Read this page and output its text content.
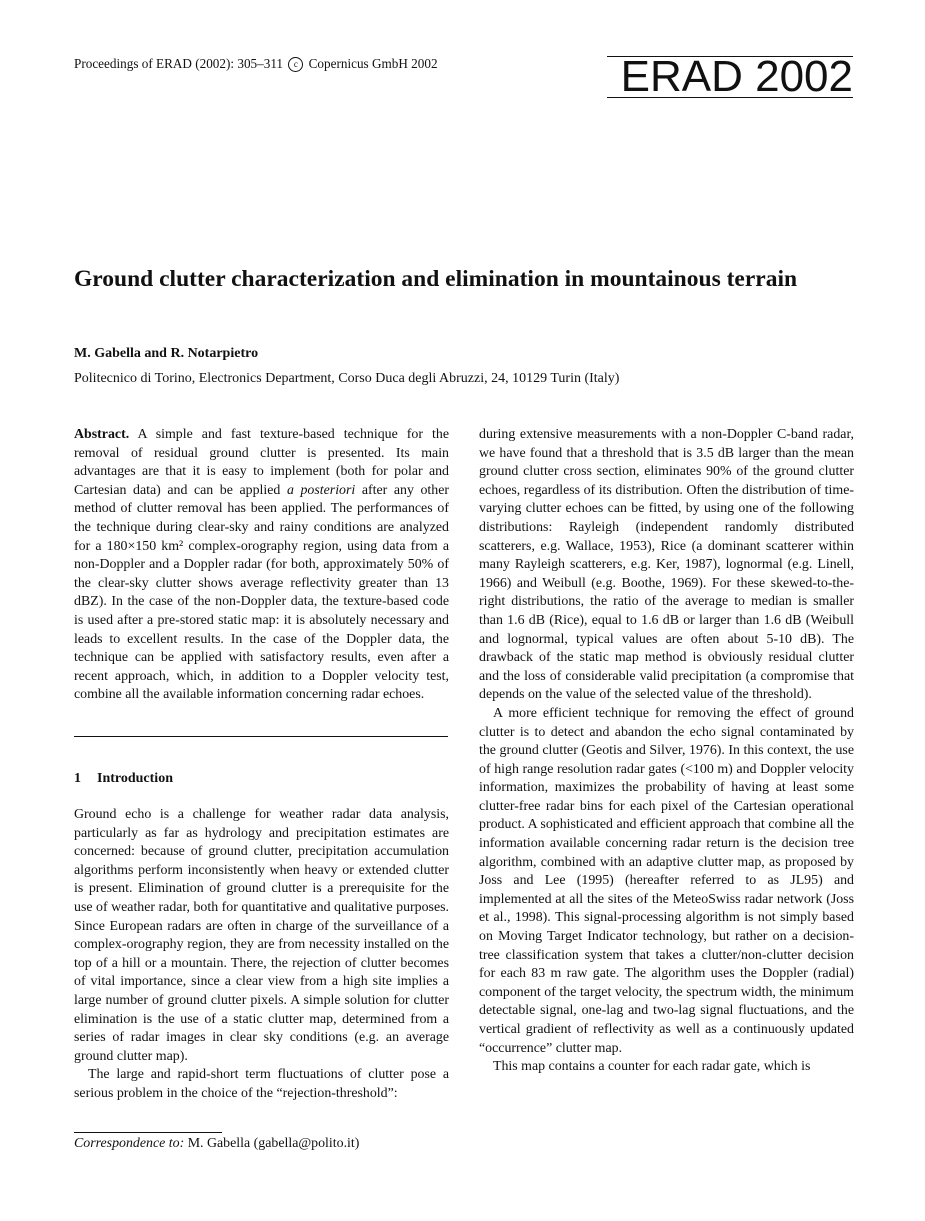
Proceedings of ERAD (2002): 305–311 c Copernicus GmbH 2002	ERAD 2002
Ground clutter characterization and elimination in mountainous terrain
M. Gabella and R. Notarpietro
Politecnico di Torino, Electronics Department, Corso Duca degli Abruzzi, 24, 10129 Turin (Italy)

Abstract. A simple and fast texture-based technique for the removal of residual ground clutter is presented. Its main advantages are that it is easy to implement (both for polar and Cartesian data) and can be applied a posteriori after any other method of clutter removal has been applied. The performances of the technique during clear-sky and rainy conditions are analyzed for a 180×150 km² complex-orography region, using data from a non-Doppler and a Doppler radar (for both, approximately 50% of the clear-sky clutter shows average reflectivity greater than 13 dBZ). In the case of the non-Doppler data, the texture-based code is used after a pre-stored static map: it is absolutely necessary and leads to excellent results. In the case of the Doppler data, the technique can be applied with satisfactory results, even after a recent approach, which, in addition to a Doppler velocity test, combine all the available information concerning radar echoes.

1 Introduction

Ground echo is a challenge for weather radar data analysis, particularly as far as hydrology and precipitation estimates are concerned: because of ground clutter, precipitation accumulation algorithms perform inconsistently when heavy or extended clutter is present. Elimination of ground clutter is a prerequisite for the use of weather radar, both for quantitative and qualitative purposes. Since European radars are often in charge of the surveillance of a complex-orography region, they are from necessity installed on the top of a hill or a mountain. There, the rejection of clutter becomes of vital importance, since a clear view from a high site implies a large number of ground clutter pixels. A simple solution for clutter elimination is the use of a static clutter map, determined from a series of radar images in clear sky conditions (e.g. an average ground clutter map).

The large and rapid-short term fluctuations of clutter pose a serious problem in the choice of the “rejection-threshold”:

Correspondence to: M. Gabella (gabella@polito.it)

during extensive measurements with a non-Doppler C-band radar, we have found that a threshold that is 3.5 dB larger than the mean ground clutter cross section, eliminates 90% of the ground clutter echoes, regardless of its distribution. Often the distribution of time-varying clutter echoes can be fitted, by using one of the following distributions: Rayleigh (independent randomly distributed scatterers, e.g. Wallace, 1953), Rice (a dominant scatterer within many Rayleigh scatterers, e.g. Ker, 1987), lognormal (e.g. Linell, 1966) and Weibull (e.g. Boothe, 1969). For these skewed-to-the-right distributions, the ratio of the average to median is smaller than 1.6 dB (Rice), equal to 1.6 dB or larger than 1.6 dB (Weibull and lognormal, typical values are often about 5-10 dB). The drawback of the static map method is obviously residual clutter and the loss of considerable valid precipitation (a compromise that depends on the value of the selected value of the threshold).

A more efficient technique for removing the effect of ground clutter is to detect and abandon the echo signal contaminated by the ground clutter (Geotis and Silver, 1976). In this context, the use of high range resolution radar gates (<100 m) and Doppler velocity information, maximizes the probability of having at least some clutter-free radar bins for each pixel of the Cartesian operational product. A sophisticated and efficient approach that combine all the information available concerning radar return is the decision tree algorithm, combined with an adaptive clutter map, as proposed by Joss and Lee (1995) (hereafter referred to as JL95) and implemented at all the sites of the MeteoSwiss radar network (Joss et al., 1998). This signal-processing algorithm is not simply based on Moving Target Indicator technology, but rather on a decision-tree classification system that takes a clutter/non-clutter decision for each 83 m raw gate. The algorithm uses the Doppler (radial) component of the target velocity, the spectrum width, the minimum detectable signal, one-lag and two-lag signal fluctuations, and the vertical gradient of reflectivity as well as a continuously updated “occurrence” clutter map.

This map contains a counter for each radar gate, which is
